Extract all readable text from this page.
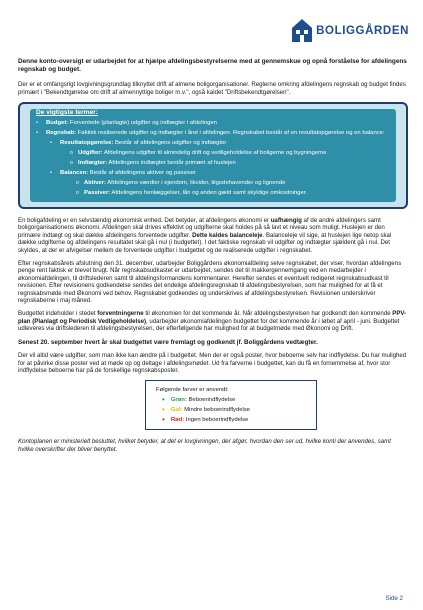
BOLIGGÅRDEN

Denne konto-oversigt er udarbejdet for at hjælpe afdelingsbestyrelserne med at gennemskue og opnå forståelse for afdelingens regnskab og budget.

Der er et omfangsrigt lovgivningsgrundlag tilknyttet drift af almene boligorganisationer. Reglerne omkring afdelingens regnskab og budget findes primært i "Bekendtgørelse om drift af almennyttige boliger m.v.", også kaldet "Driftsbekendtgørelsen".

De vigtigste termer:
• Budget: Forventede (planlagte) udgifter og indtægter i afdelingen
• Regnskab: Faktisk realiserede udgifter og indtægter i året i afdelingen. Regnskabet består af en resultatopgørelse og en balance:
• Resultatopgørelse: Består af afdelingens udgifter og indtægter
o Udgifter: Afdelingens udgifter til almindelig drift og vedligeholdelse af boligerne og bygningerne
o Indtægter: Afdelingens indtægter består primært af huslejen
• Balancen: Består af afdelingens aktiver og passiver
o Aktiver: Afdelingens værdier i ejendom, likvider, tilgodehavender og lignende
o Passiver: Afdelingens henlæggelser, lån og anden gæld samt skyldige omkostninger.

En boligafdeling er en selvstændig økonomisk enhed. Det betyder, at afdelingens økonomi er uafhængig af de andre afdelingers samt boligorganisationens økonomi. Afdelingen skal drives effektivt og udgifterne skal holdes på så lavt et niveau som muligt. Huslejen er den primære indtægt og skal dække afdelingens forventede udgifter. Dette kaldes balanceleje. Balanceleje vil sige, at huslejen lige netop skal dække udgifterne og afdelingens resultatet skal gå i nul (i budgettet). I det faktiske regnskab vil udgifter og indtægter sjældent gå i nul. Det skyldes, at der er afvigelser mellem de forventede udgifter i budgettet og de realiserede udgifter i regnskabet.

Efter regnskabsårets afslutning den 31. december, udarbejder Boliggårdens økonomiafdeling selve regnskabet, der viser, hvordan afdelingens penge rent faktisk er blevet brugt. Når regnskabsudkastet er udarbejdet, sendes det til makkergennemgang ved en medarbejder i økonomiafdelingen, til driftslederen samt til afdelingsformandens kommentarer. Herefter sendes et eventuelt redigeret regnskabsudkast til revisionen. Efter revisionens godkendelse sendes det endelige afdelingsregnskab til afdelingsbestyrelsen, som har mulighed for at få et regnskabsmøde med Økonomi ved behov. Regnskabet godkendes og underskrives af afdelingsbestyrelsen. Revisionen underskriver regnskaberne i maj måned.

Budgettet indeholder i stedet forventningerne til økonomien for det kommende år. Når afdelingsbestyrelsen har godkendt den kommende PPV-plan (Planlagt og Periodisk Vedligeholdelse), udarbejder økonomiafdelingen budgettet for det kommende år i løbet af april - juni. Budgettet udleveres via driftslederen til afdelingsbestyrelsen, der efterfølgende har mulighed for at budgetmøde med Økonomi og Drift.

Senest 20. september hvert år skal budgettet være fremlagt og godkendt jf. Boliggårdens vedtægter.

Der vil altid være udgifter, som man ikke kan ændre på i budgettet. Men der er også poster, hvor beboerne selv har indflydelse. Du har mulighed for at påvirke disse poster ved at møde op og deltage i afdelingsmødet. Ud fra farverne i budgettet, kan du få en fornemmelse af, hvor stor indflydelse beboerne har på de forskellige regnskabsposter.

Følgende farver er anvendt:
• Grøn: Beboerindflydelse
• Gul: Mindre beboerindflydelse
• Rød: Ingen beboerindflydelse

Kontoplanen er ministerielt besluttet, hvilket betyder, at det er lovgivningen, der afgør, hvordan den ser ud, hvilke konti der anvendes, samt hvilke overskrifter der bliver benyttet.

Side 2
